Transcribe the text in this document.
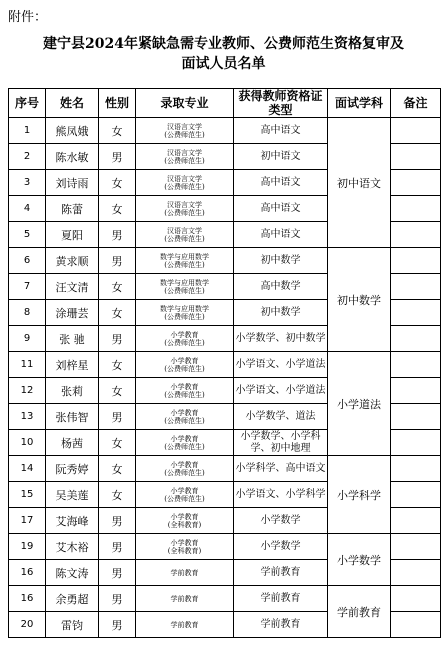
附件：
建宁县2024年紧缺急需专业教师、公费师范生资格复审及
面试人员名单
序号	姓名	性别	录取专业	获得教师资格证类型	面试学科	备注
1	熊凤娥	女	汉语言文学
(公费师范生)	高中语文	初中语文	
2	陈水敏	男	汉语言文学
(公费师范生)	初中语文		
3	刘诗雨	女	汉语言文学
(公费师范生)	高中语文		
4	陈蕾	女	汉语言文学
(公费师范生)	高中语文		
5	夏阳	男	汉语言文学
(公费师范生)	高中语文		
6	黄求顺	男	数学与应用数学
(公费师范生)	初中数学	初中数学	
7	汪文清	女	数学与应用数学
(公费师范生)	高中数学		
8	涂珊芸	女	数学与应用数学
(公费师范生)	初中数学		
9	张 驰	男	小学教育
(公费师范生)	小学数学、初中数学		
11	刘梓星	女	小学教育
(公费师范生)	小学语文、小学道法	小学道法	
12	张莉	女	小学教育
(公费师范生)	小学语文、小学道法		
13	张伟智	男	小学教育
(公费师范生)	小学数学、道法		
10	杨茜	女	小学教育
(公费师范生)	小学数学、小学科学、初中地理		
14	阮秀婷	女	小学教育
(公费师范生)	小学科学、高中语文	小学科学	
15	吴美莲	女	小学教育
(公费师范生)	小学语文、小学科学		
17	艾海峰	男	小学教育
(全科教育)	小学数学		
19	艾木裕	男	小学教育
(全科教育)	小学数学	小学数学	
16	陈文涛	男	学前教育	学前教育		
16	余勇超	男	学前教育	学前教育	学前教育	
20	雷钧	男	学前教育	学前教育		
